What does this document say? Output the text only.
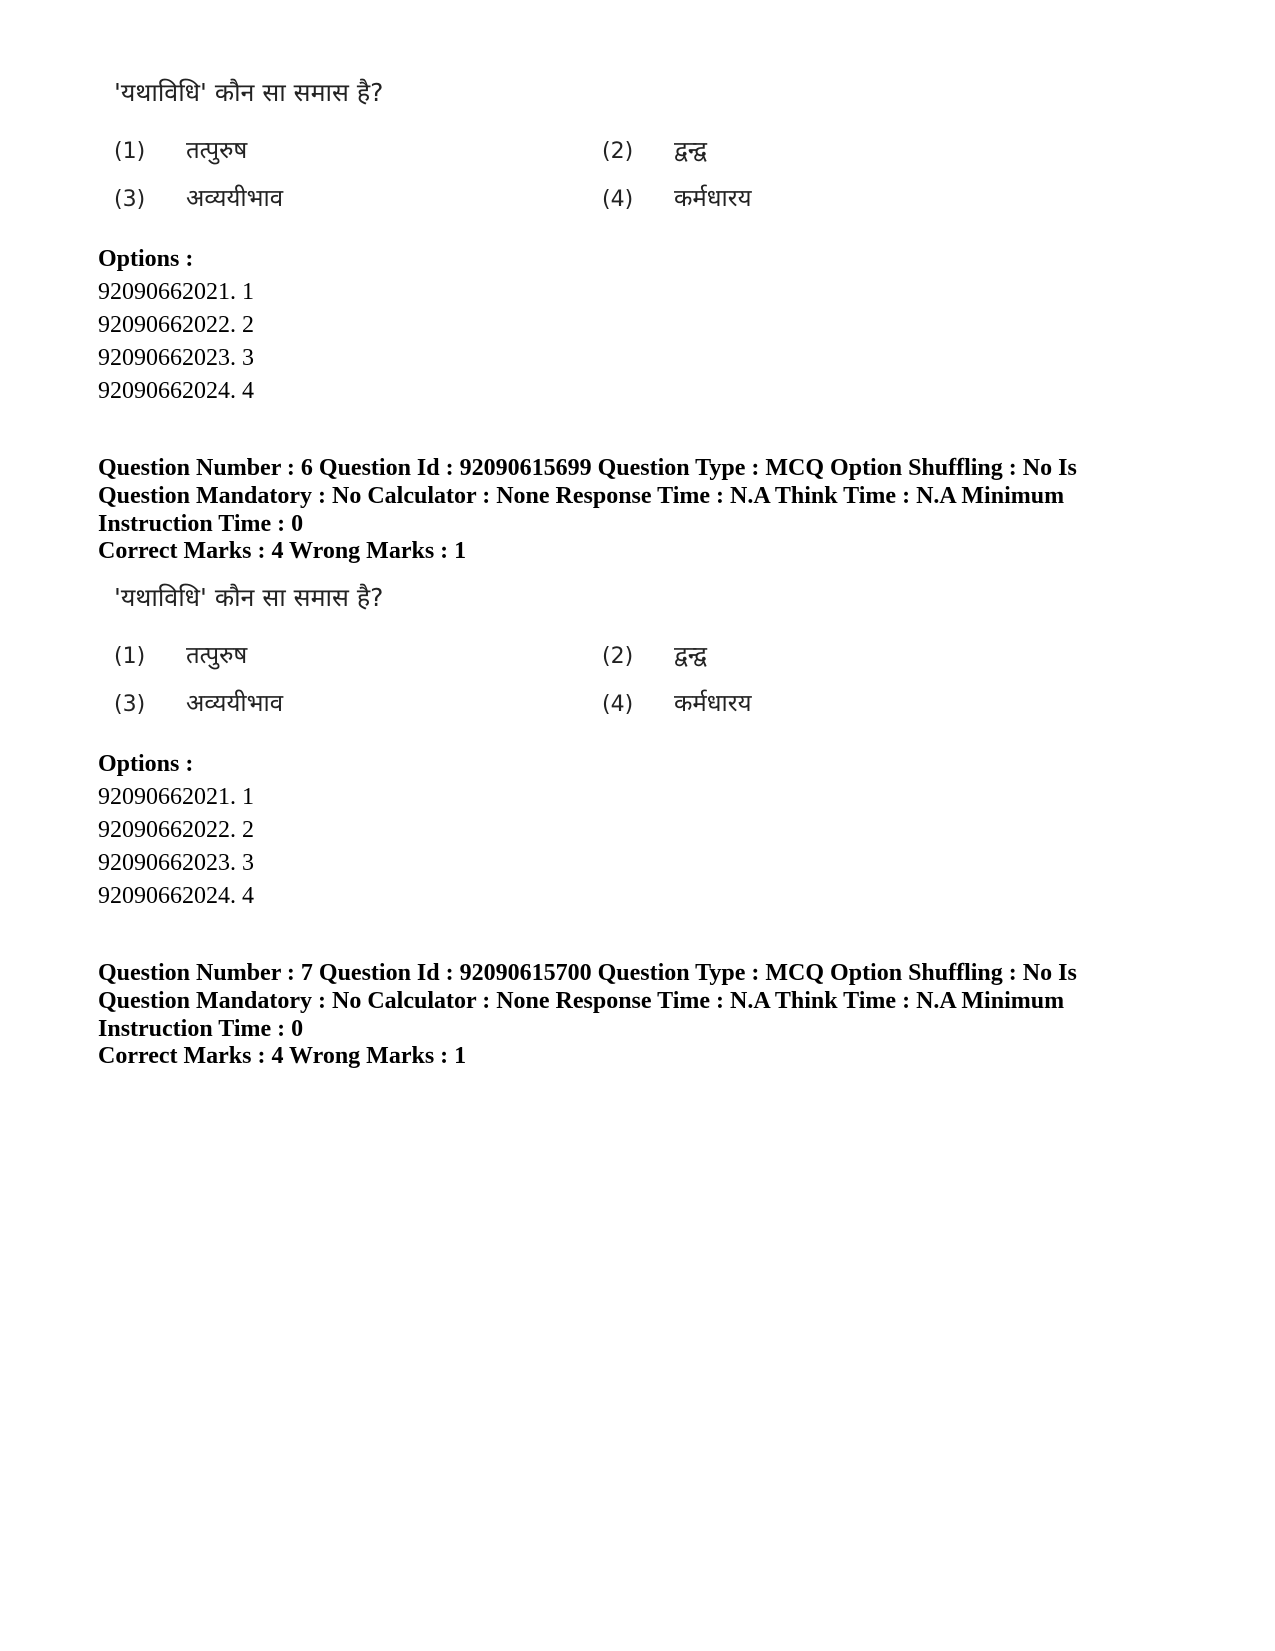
'यथाविधि' कौन सा समास है?
(1) तत्पुरुष	(2) द्वन्द्व
(3) अव्ययीभाव	(4) कर्मधारय
Options :
92090662021. 1
92090662022. 2
92090662023. 3
92090662024. 4
Question Number : 6 Question Id : 92090615699 Question Type : MCQ Option Shuffling : No Is
Question Mandatory : No Calculator : None Response Time : N.A Think Time : N.A Minimum
Instruction Time : 0
Correct Marks : 4 Wrong Marks : 1
'यथाविधि' कौन सा समास है?
(1) तत्पुरुष	(2) द्वन्द्व
(3) अव्ययीभाव	(4) कर्मधारय
Options :
92090662021. 1
92090662022. 2
92090662023. 3
92090662024. 4
Question Number : 7 Question Id : 92090615700 Question Type : MCQ Option Shuffling : No Is
Question Mandatory : No Calculator : None Response Time : N.A Think Time : N.A Minimum
Instruction Time : 0
Correct Marks : 4 Wrong Marks : 1
